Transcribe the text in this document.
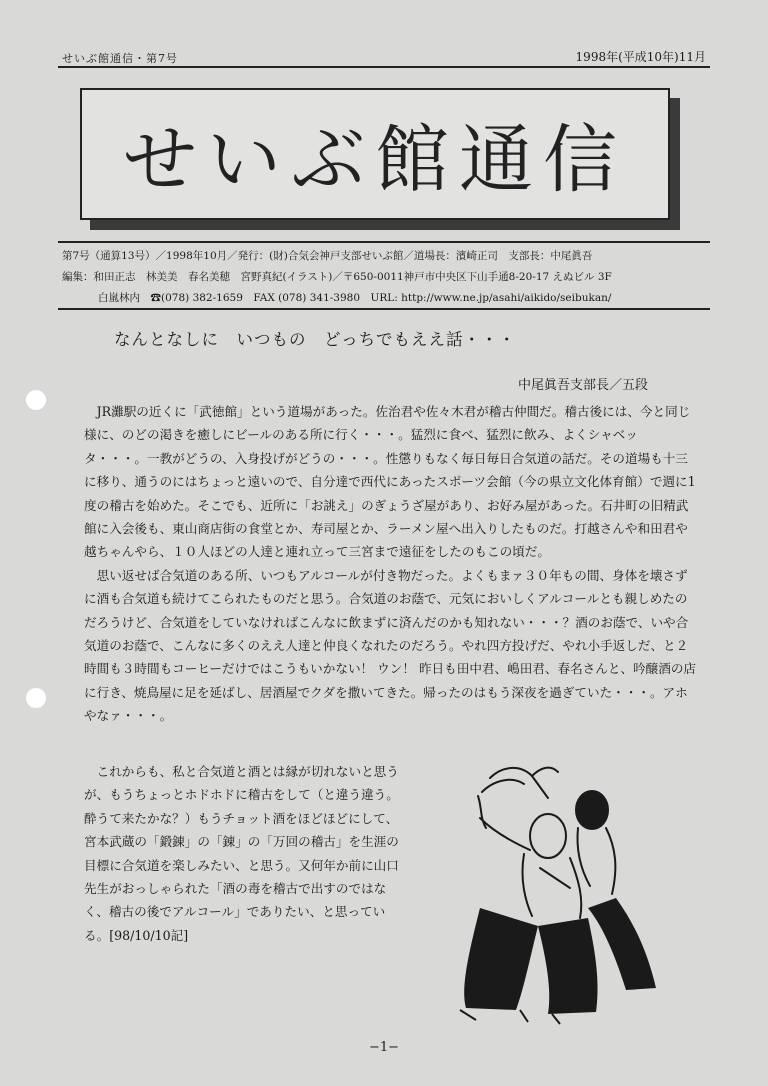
せいぶ館通信・第7号	1998年(平成10年)11月
せいぶ館通信
第7号（通算13号）／1998年10月／発行：(財)合気会神戸支部せいぶ館／道場長：濱崎正司　支部長：中尾眞吾
編集：和田正志　林美美　春名美穂　宮野真紀(イラスト)／〒650-0011神戸市中央区下山手通8-20-17 えぬビル 3F
白嵐林内　☎(078) 382-1659　FAX (078) 341-3980　URL: http://www.ne.jp/asahi/aikido/seibukan/
なんとなしに　いつもの　どっちでもええ話・・・
中尾眞吾支部長／五段

JR灘駅の近くに「武徳館」という道場があった。佐治君や佐々木君が稽古仲間だ。稽古後には、今と同じ様に、のどの渇きを癒しにビールのある所に行く・・・。猛烈に食べ、猛烈に飲み、よくシャベッタ・・・。一教がどうの、入身投げがどうの・・・。性懲りもなく毎日毎日合気道の話だ。その道場も十三に移り、通うのにはちょっと遠いので、自分達で西代にあったスポーツ会館（今の県立文化体育館）で週に1度の稽古を始めた。そこでも、近所に「お誂え」のぎょうざ屋があり、お好み屋があった。石井町の旧精武館に入会後も、東山商店街の食堂とか、寿司屋とか、ラーメン屋へ出入りしたものだ。打越さんや和田君や越ちゃんやら、１０人ほどの人達と連れ立って三宮まで遠征をしたのもこの頃だ。

思い返せば合気道のある所、いつもアルコールが付き物だった。よくもまァ３０年もの間、身体を壊さずに酒も合気道も続けてこられたものだと思う。合気道のお蔭で、元気においしくアルコールとも親しめたのだろうけど、合気道をしていなければこんなに飲まずに済んだのかも知れない・・・？酒のお蔭で、いや合気道のお蔭で、こんなに多くのええ人達と仲良くなれたのだろう。やれ四方投げだ、やれ小手返しだ、と２時間も３時間もコーヒーだけではこうもいかない！ ウン！ 昨日も田中君、嶋田君、春名さんと、吟醸酒の店に行き、焼鳥屋に足を延ばし、居酒屋でクダを撒いてきた。帰ったのはもう深夜を過ぎていた・・・。アホやなァ・・・。

これからも、私と合気道と酒とは縁が切れないと思うが、もうちょっとホドホドに稽古をして（と違う違う。酔うて来たかな？）もうチョット酒をほどほどにして、宮本武蔵の「鍛錬」の「錬」の「万回の稽古」を生涯の目標に合気道を楽しみたい、と思う。又何年か前に山口先生がおっしゃられた「酒の毒を稽古で出すのではなく、稽古の後でアルコール」でありたい、と思っている。[98/10/10記]

−1−
